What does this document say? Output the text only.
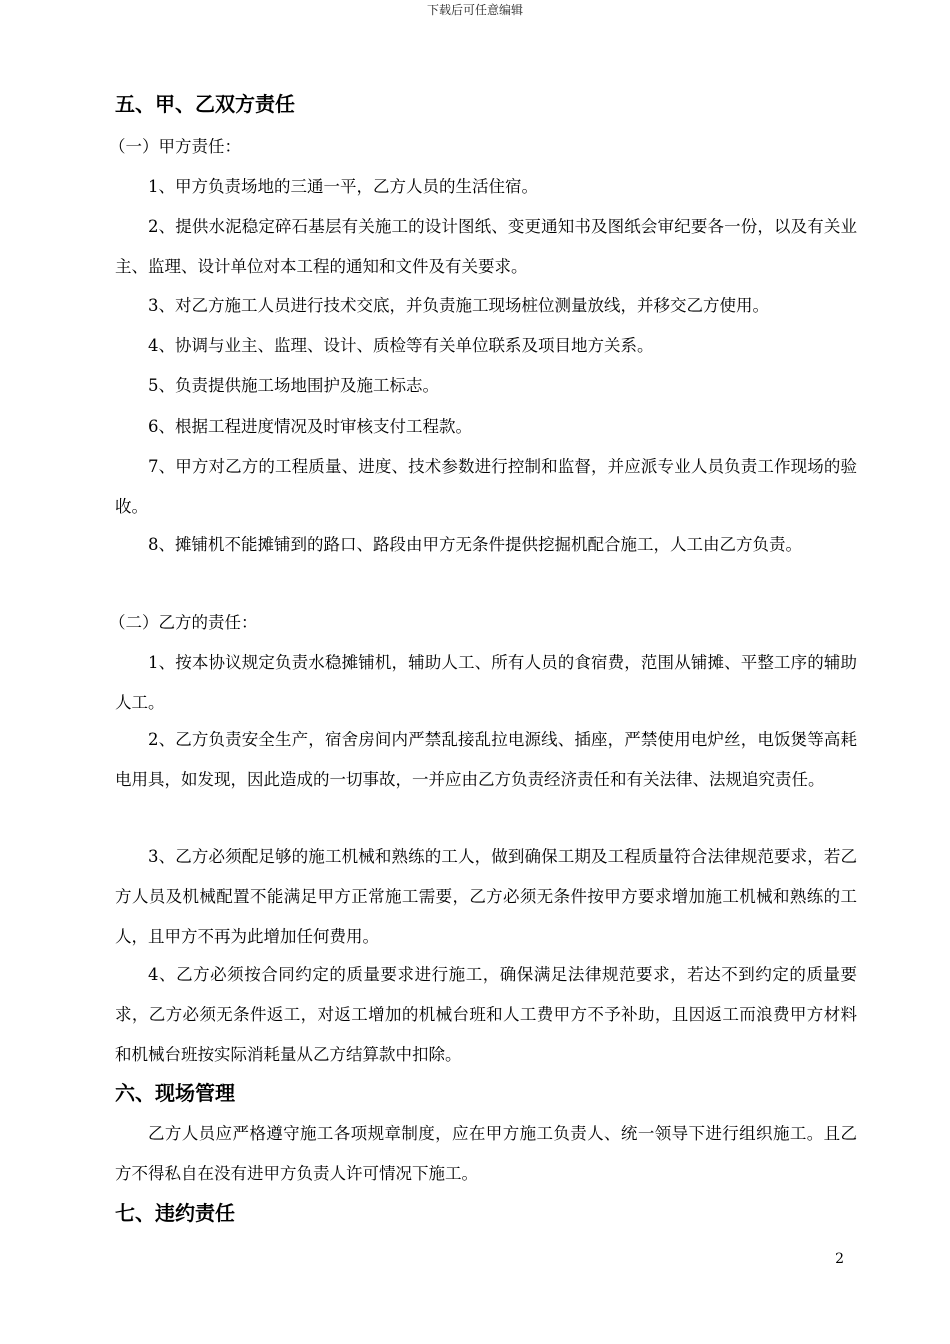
下载后可任意编辑
五、甲、乙双方责任
（一）甲方责任：
1、甲方负责场地的三通一平，乙方人员的生活住宿。
2、提供水泥稳定碎石基层有关施工的设计图纸、变更通知书及图纸会审纪要各一份，以及有关业主、监理、设计单位对本工程的通知和文件及有关要求。
3、对乙方施工人员进行技术交底，并负责施工现场桩位测量放线，并移交乙方使用。
4、协调与业主、监理、设计、质检等有关单位联系及项目地方关系。
5、负责提供施工场地围护及施工标志。
6、根据工程进度情况及时审核支付工程款。
7、甲方对乙方的工程质量、进度、技术参数进行控制和监督，并应派专业人员负责工作现场的验收。
8、摊铺机不能摊铺到的路口、路段由甲方无条件提供挖掘机配合施工，人工由乙方负责。
（二）乙方的责任：
1、按本协议规定负责水稳摊铺机，辅助人工、所有人员的食宿费，范围从铺摊、平整工序的辅助人工。
2、乙方负责安全生产，宿舍房间内严禁乱接乱拉电源线、插座，严禁使用电炉丝，电饭煲等高耗电用具，如发现，因此造成的一切事故，一并应由乙方负责经济责任和有关法律、法规追究责任。
3、乙方必须配足够的施工机械和熟练的工人，做到确保工期及工程质量符合法律规范要求，若乙方人员及机械配置不能满足甲方正常施工需要，乙方必须无条件按甲方要求增加施工机械和熟练的工人，且甲方不再为此增加任何费用。
4、乙方必须按合同约定的质量要求进行施工，确保满足法律规范要求，若达不到约定的质量要求，乙方必须无条件返工，对返工增加的机械台班和人工费甲方不予补助，且因返工而浪费甲方材料和机械台班按实际消耗量从乙方结算款中扣除。
六、现场管理
乙方人员应严格遵守施工各项规章制度，应在甲方施工负责人、统一领导下进行组织施工。且乙方不得私自在没有进甲方负责人许可情况下施工。
七、违约责任
2
